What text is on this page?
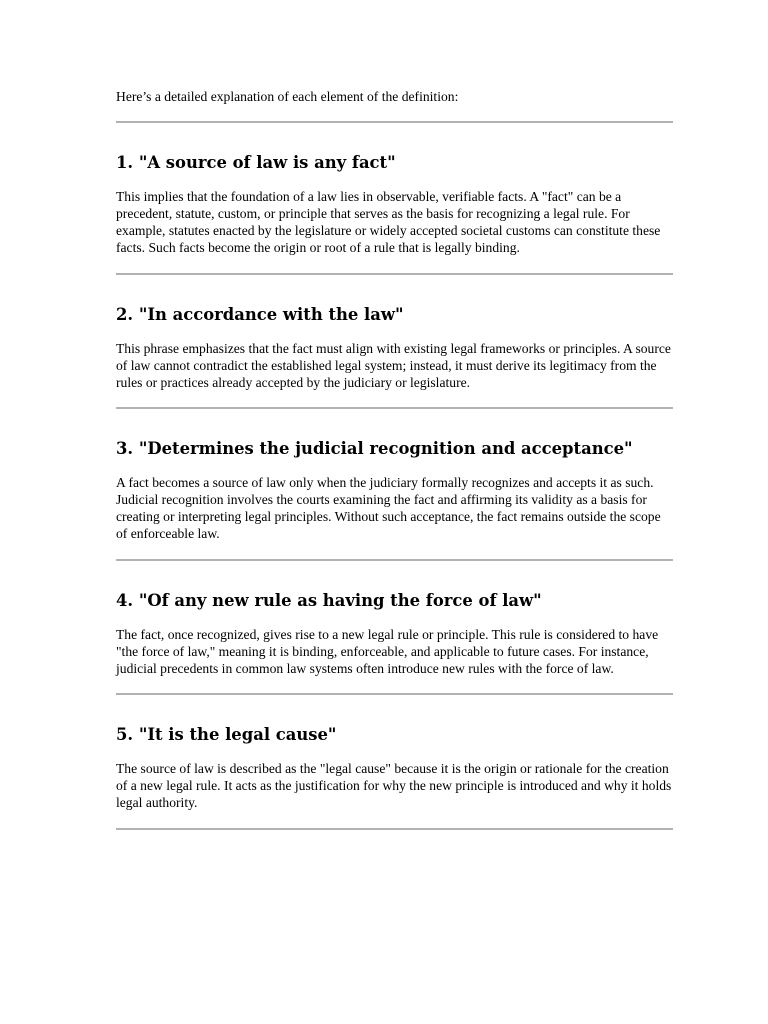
Here’s a detailed explanation of each element of the definition:

1. "A source of law is any fact"

This implies that the foundation of a law lies in observable, verifiable facts. A "fact" can be a precedent, statute, custom, or principle that serves as the basis for recognizing a legal rule. For example, statutes enacted by the legislature or widely accepted societal customs can constitute these facts. Such facts become the origin or root of a rule that is legally binding.

2. "In accordance with the law"

This phrase emphasizes that the fact must align with existing legal frameworks or principles. A source of law cannot contradict the established legal system; instead, it must derive its legitimacy from the rules or practices already accepted by the judiciary or legislature.

3. "Determines the judicial recognition and acceptance"

A fact becomes a source of law only when the judiciary formally recognizes and accepts it as such. Judicial recognition involves the courts examining the fact and affirming its validity as a basis for creating or interpreting legal principles. Without such acceptance, the fact remains outside the scope of enforceable law.

4. "Of any new rule as having the force of law"

The fact, once recognized, gives rise to a new legal rule or principle. This rule is considered to have "the force of law," meaning it is binding, enforceable, and applicable to future cases. For instance, judicial precedents in common law systems often introduce new rules with the force of law.

5. "It is the legal cause"

The source of law is described as the "legal cause" because it is the origin or rationale for the creation of a new legal rule. It acts as the justification for why the new principle is introduced and why it holds legal authority.
